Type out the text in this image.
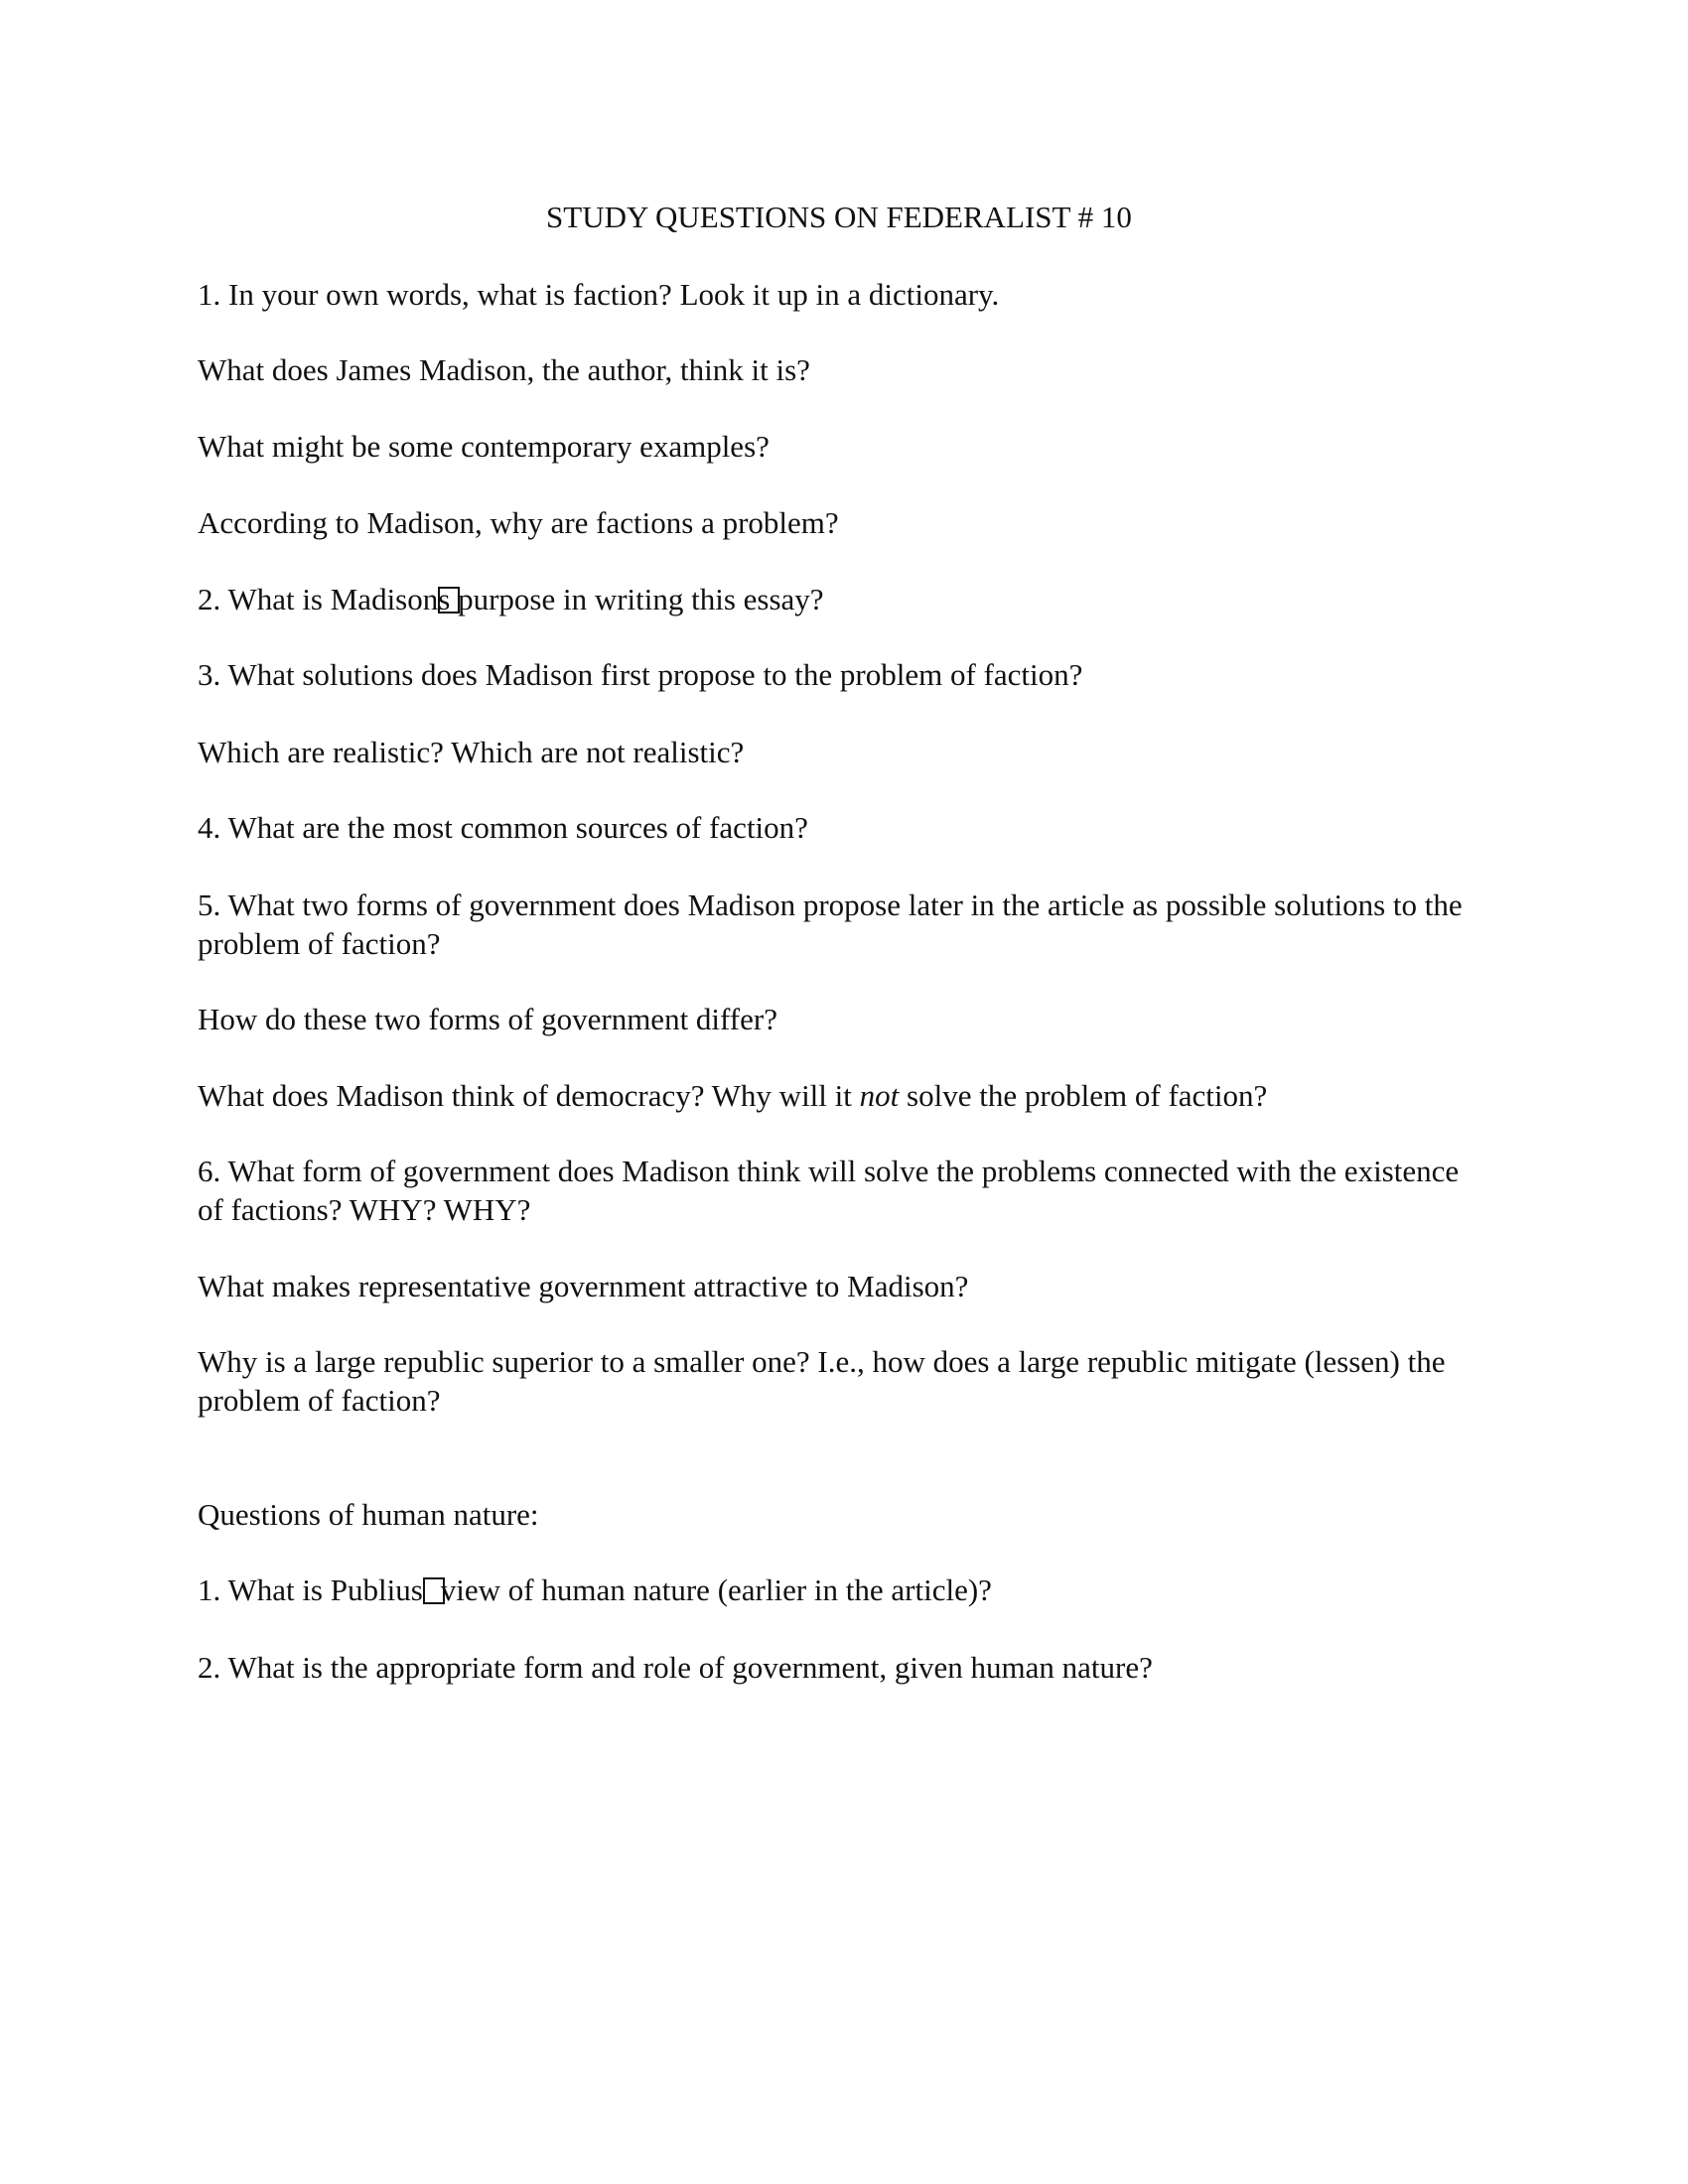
STUDY QUESTIONS ON FEDERALIST # 10

1. In your own words, what is faction? Look it up in a dictionary.

What does James Madison, the author, think it is?

What might be some contemporary examples?

According to Madison, why are factions a problem?

2. What is Madisons purpose in writing this essay?

3. What solutions does Madison first propose to the problem of faction?

Which are realistic? Which are not realistic?

4. What are the most common sources of faction?

5. What two forms of government does Madison propose later in the article as possible solutions to the problem of faction?

How do these two forms of government differ?

What does Madison think of democracy? Why will it not solve the problem of faction?

6. What form of government does Madison think will solve the problems connected with the existence of factions? WHY? WHY?

What makes representative government attractive to Madison?

Why is a large republic superior to a smaller one? I.e., how does a large republic mitigate (lessen) the problem of faction?

Questions of human nature:

1. What is Publius view of human nature (earlier in the article)?

2. What is the appropriate form and role of government, given human nature?
